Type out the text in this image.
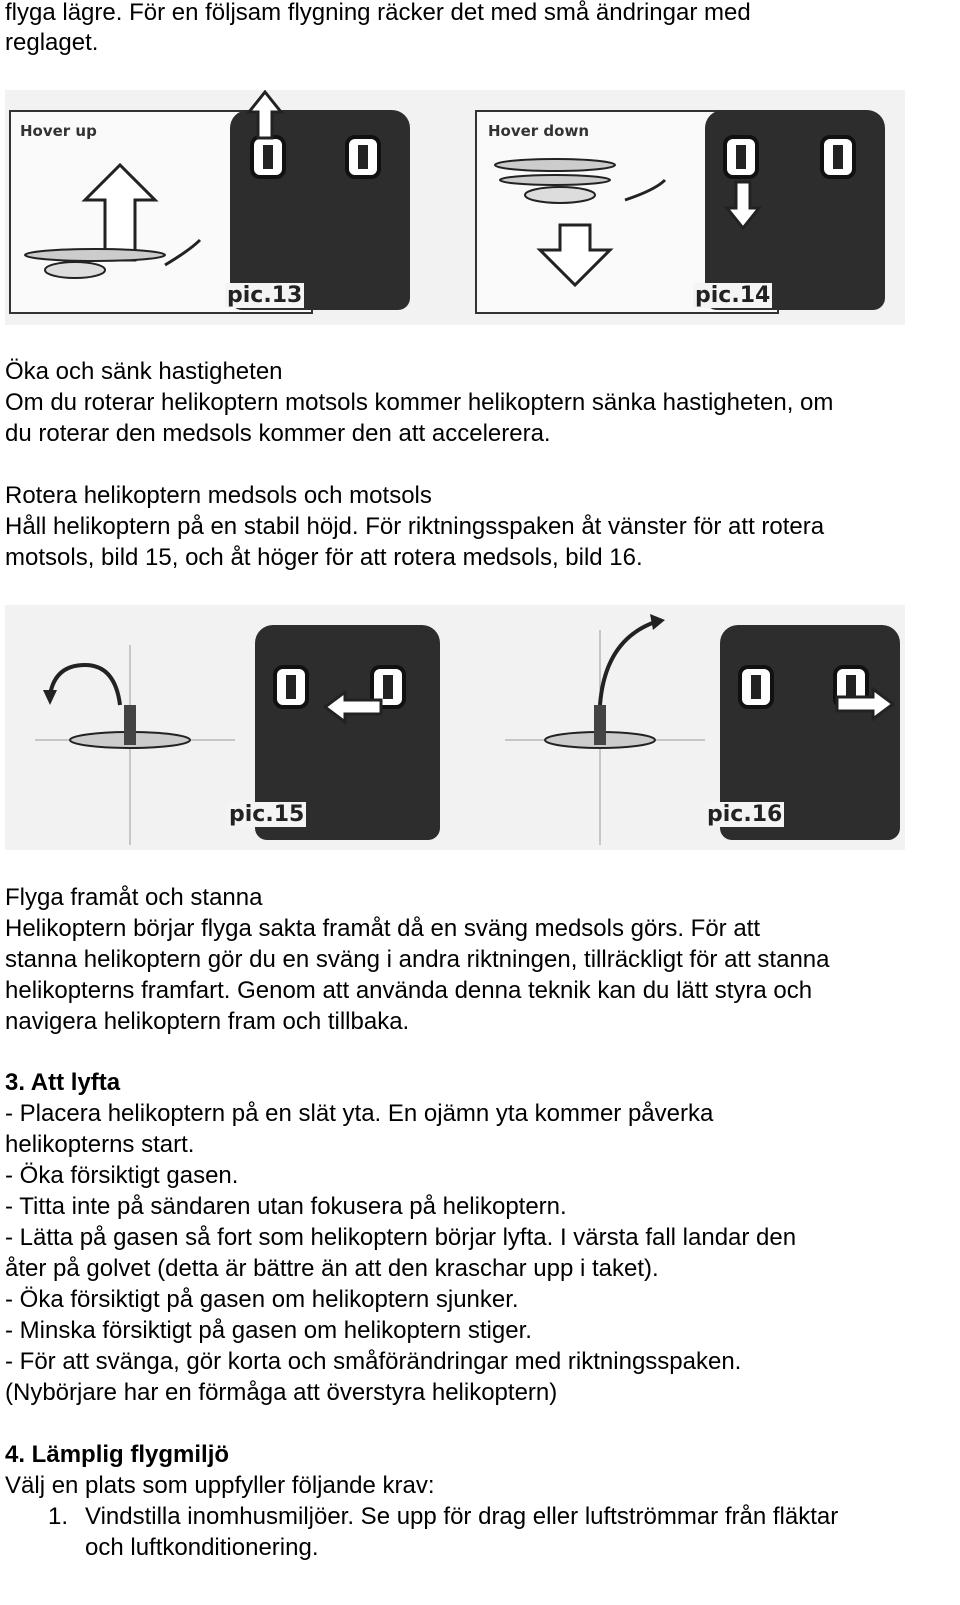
flyga lägre. För en följsam flygning räcker det med små ändringar med
reglaget.
Hover up
pic.13
Hover down
pic.14
Öka och sänk hastigheten
Om du roterar helikoptern motsols kommer helikoptern sänka hastigheten, om
du roterar den medsols kommer den att accelerera.
Rotera helikoptern medsols och motsols
Håll helikoptern på en stabil höjd. För riktningsspaken åt vänster för att rotera
motsols, bild 15, och åt höger för att rotera medsols, bild 16.
pic.15	pic.16
Flyga framåt och stanna
Helikoptern börjar flyga sakta framåt då en sväng medsols görs. För att
stanna helikoptern gör du en sväng i andra riktningen, tillräckligt för att stanna
helikopterns framfart. Genom att använda denna teknik kan du lätt styra och
navigera helikoptern fram och tillbaka.
3. Att lyfta
- Placera helikoptern på en slät yta. En ojämn yta kommer påverka
helikopterns start.
- Öka försiktigt gasen.
- Titta inte på sändaren utan fokusera på helikoptern.
- Lätta på gasen så fort som helikoptern börjar lyfta. I värsta fall landar den
åter på golvet (detta är bättre än att den kraschar upp i taket).
- Öka försiktigt på gasen om helikoptern sjunker.
- Minska försiktigt på gasen om helikoptern stiger.
- För att svänga, gör korta och småförändringar med riktningsspaken.
(Nybörjare har en förmåga att överstyra helikoptern)
4. Lämplig flygmiljö
Välj en plats som uppfyller följande krav:
1. Vindstilla inomhusmiljöer. Se upp för drag eller luftströmmar från fläktar
och luftkonditionering.
